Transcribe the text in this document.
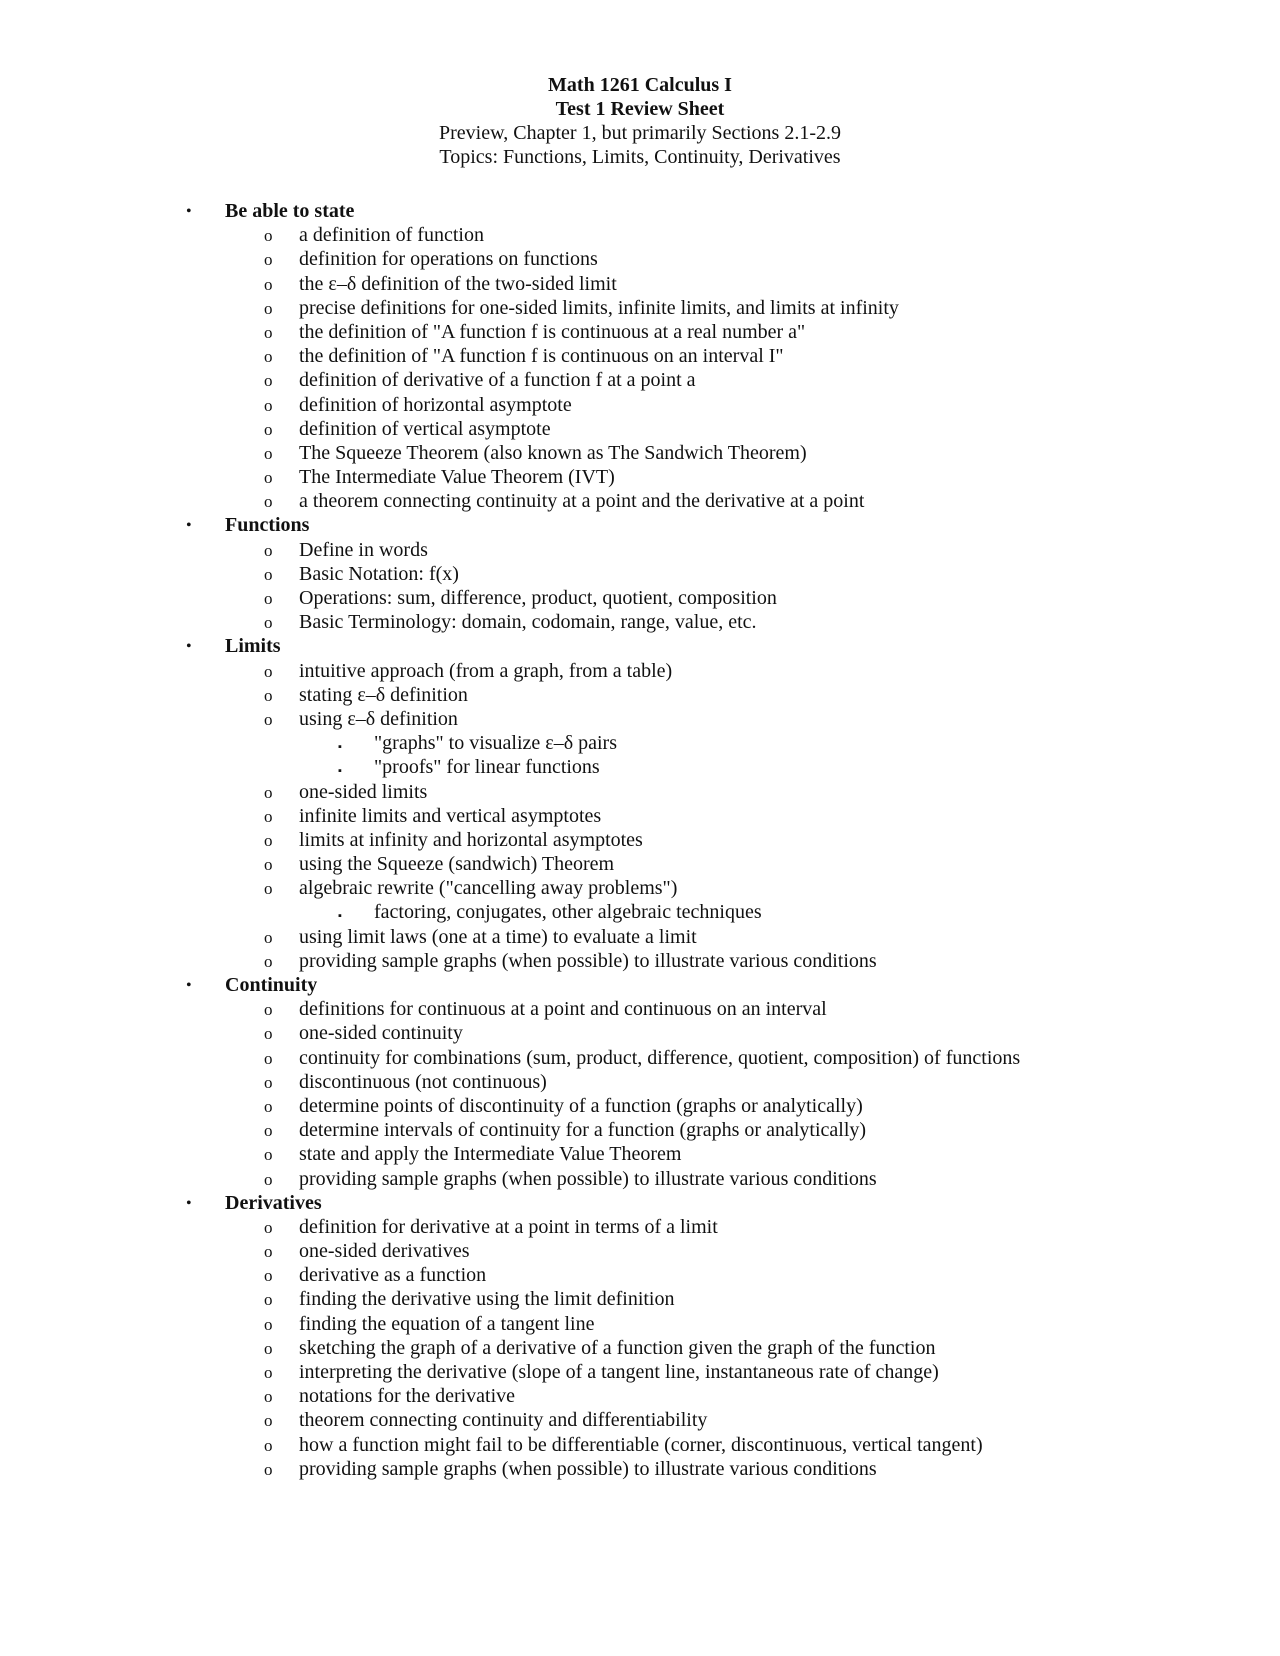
Math 1261 Calculus I
Test 1 Review Sheet
Preview, Chapter 1, but primarily Sections 2.1-2.9
Topics: Functions, Limits, Continuity, Derivatives
• Be able to state
o a definition of function
o definition for operations on functions
o the ε–δ definition of the two-sided limit
o precise definitions for one-sided limits, infinite limits, and limits at infinity
o the definition of "A function f is continuous at a real number a"
o the definition of "A function f is continuous on an interval I"
o definition of derivative of a function f at a point a
o definition of horizontal asymptote
o definition of vertical asymptote
o The Squeeze Theorem (also known as The Sandwich Theorem)
o The Intermediate Value Theorem (IVT)
o a theorem connecting continuity at a point and the derivative at a point
• Functions
o Define in words
o Basic Notation: f(x)
o Operations: sum, difference, product, quotient, composition
o Basic Terminology: domain, codomain, range, value, etc.
• Limits
o intuitive approach (from a graph, from a table)
o stating ε–δ definition
o using ε–δ definition
▪ "graphs" to visualize ε–δ pairs
▪ "proofs" for linear functions
o one-sided limits
o infinite limits and vertical asymptotes
o limits at infinity and horizontal asymptotes
o using the Squeeze (sandwich) Theorem
o algebraic rewrite ("cancelling away problems")
▪ factoring, conjugates, other algebraic techniques
o using limit laws (one at a time) to evaluate a limit
o providing sample graphs (when possible) to illustrate various conditions
• Continuity
o definitions for continuous at a point and continuous on an interval
o one-sided continuity
o continuity for combinations (sum, product, difference, quotient, composition) of functions
o discontinuous (not continuous)
o determine points of discontinuity of a function (graphs or analytically)
o determine intervals of continuity for a function (graphs or analytically)
o state and apply the Intermediate Value Theorem
o providing sample graphs (when possible) to illustrate various conditions
• Derivatives
o definition for derivative at a point in terms of a limit
o one-sided derivatives
o derivative as a function
o finding the derivative using the limit definition
o finding the equation of a tangent line
o sketching the graph of a derivative of a function given the graph of the function
o interpreting the derivative (slope of a tangent line, instantaneous rate of change)
o notations for the derivative
o theorem connecting continuity and differentiability
o how a function might fail to be differentiable (corner, discontinuous, vertical tangent)
o providing sample graphs (when possible) to illustrate various conditions
